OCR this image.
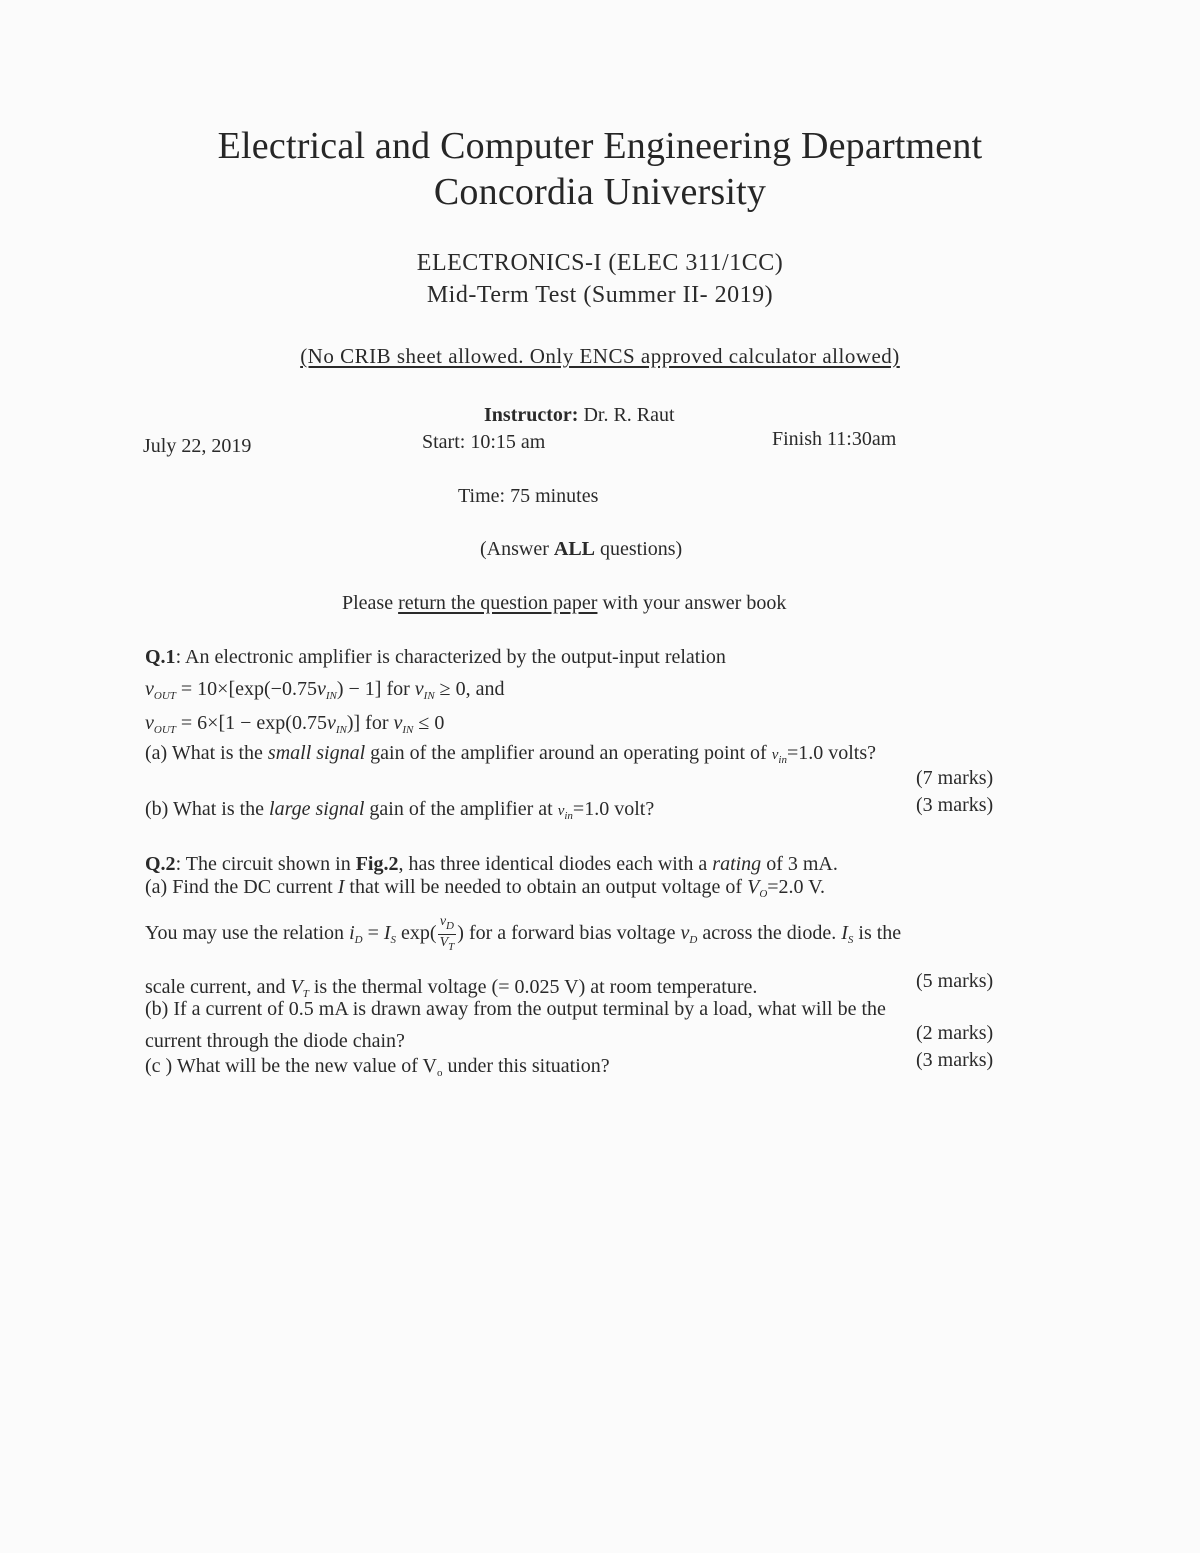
Electrical and Computer Engineering Department
Concordia University
ELECTRONICS-I (ELEC 311/1CC)
Mid-Term Test (Summer II- 2019)
(No CRIB sheet allowed. Only ENCS approved calculator allowed)
Instructor: Dr. R. Raut
July 22, 2019	Start: 10:15 am	Finish 11:30am
Time: 75 minutes
(Answer ALL questions)
Please return the question paper with your answer book
Q.1: An electronic amplifier is characterized by the output-input relation
$v_{OUT} = 10\times[\exp(-0.75v_{IN}) - 1]$ for $v_{IN} \ge 0$, and
$v_{OUT} = 6\times[1 - \exp(0.75v_{IN})]$ for $v_{IN} \le 0$
(a) What is the small signal gain of the amplifier around an operating point of $v_{in}=1.0$ volts?
(7 marks)
(b) What is the large signal gain of the amplifier at $v_{in}=1.0$ volt?	(3 marks)
Q.2: The circuit shown in Fig.2, has three identical diodes each with a rating of 3 mA.
(a) Find the DC current I that will be needed to obtain an output voltage of $V_O=2.0$ V.
You may use the relation $i_D = I_S$ $\exp( \frac{v_D}{V_T}$ ) for a forward bias voltage $v_D$ across the diode. $I_S$ is the
scale current, and $V_T$ is the thermal voltage (= 0.025 V) at room temperature.	(5 marks)
(b) If a current of 0.5 mA is drawn away from the output terminal by a load, what will be the
current through the diode chain?	(2 marks)
(c ) What will be the new value of $V_o$ under this situation?	(3 marks)
